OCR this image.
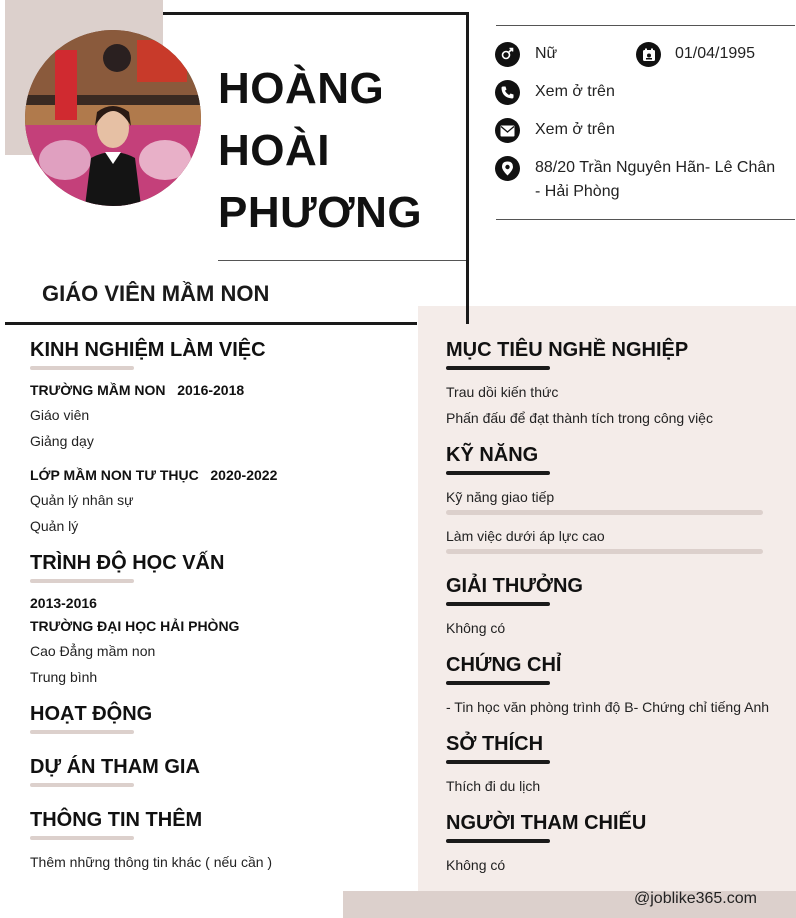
HOÀNG
HOÀI
PHƯƠNG
GIÁO VIÊN MẦM NON
Nữ	01/04/1995
Xem ở trên
Xem ở trên
88/20 Trần Nguyên Hãn- Lê Chân
- Hải Phòng
KINH NGHIỆM LÀM VIỆC
TRƯỜNG MẦM NON   2016-2018
Giáo viên
Giảng dạy
LỚP MẦM NON TƯ THỤC   2020-2022
Quản lý nhân sự
Quản lý
TRÌNH ĐỘ HỌC VẤN
2013-2016
TRƯỜNG ĐẠI HỌC HẢI PHÒNG
Cao Đẳng mầm non
Trung bình
HOẠT ĐỘNG
DỰ ÁN THAM GIA
THÔNG TIN THÊM
Thêm những thông tin khác ( nếu cần )
MỤC TIÊU NGHỀ NGHIỆP
Trau dồi kiến thức
Phấn đấu để đạt thành tích trong công việc
KỸ NĂNG
Kỹ năng giao tiếp
Làm việc dưới áp lực cao
GIẢI THƯỞNG
Không có
CHỨNG CHỈ
- Tin học văn phòng trình độ B- Chứng chỉ tiếng Anh
SỞ THÍCH
Thích đi du lịch
NGƯỜI THAM CHIẾU
Không có
@joblike365.com
